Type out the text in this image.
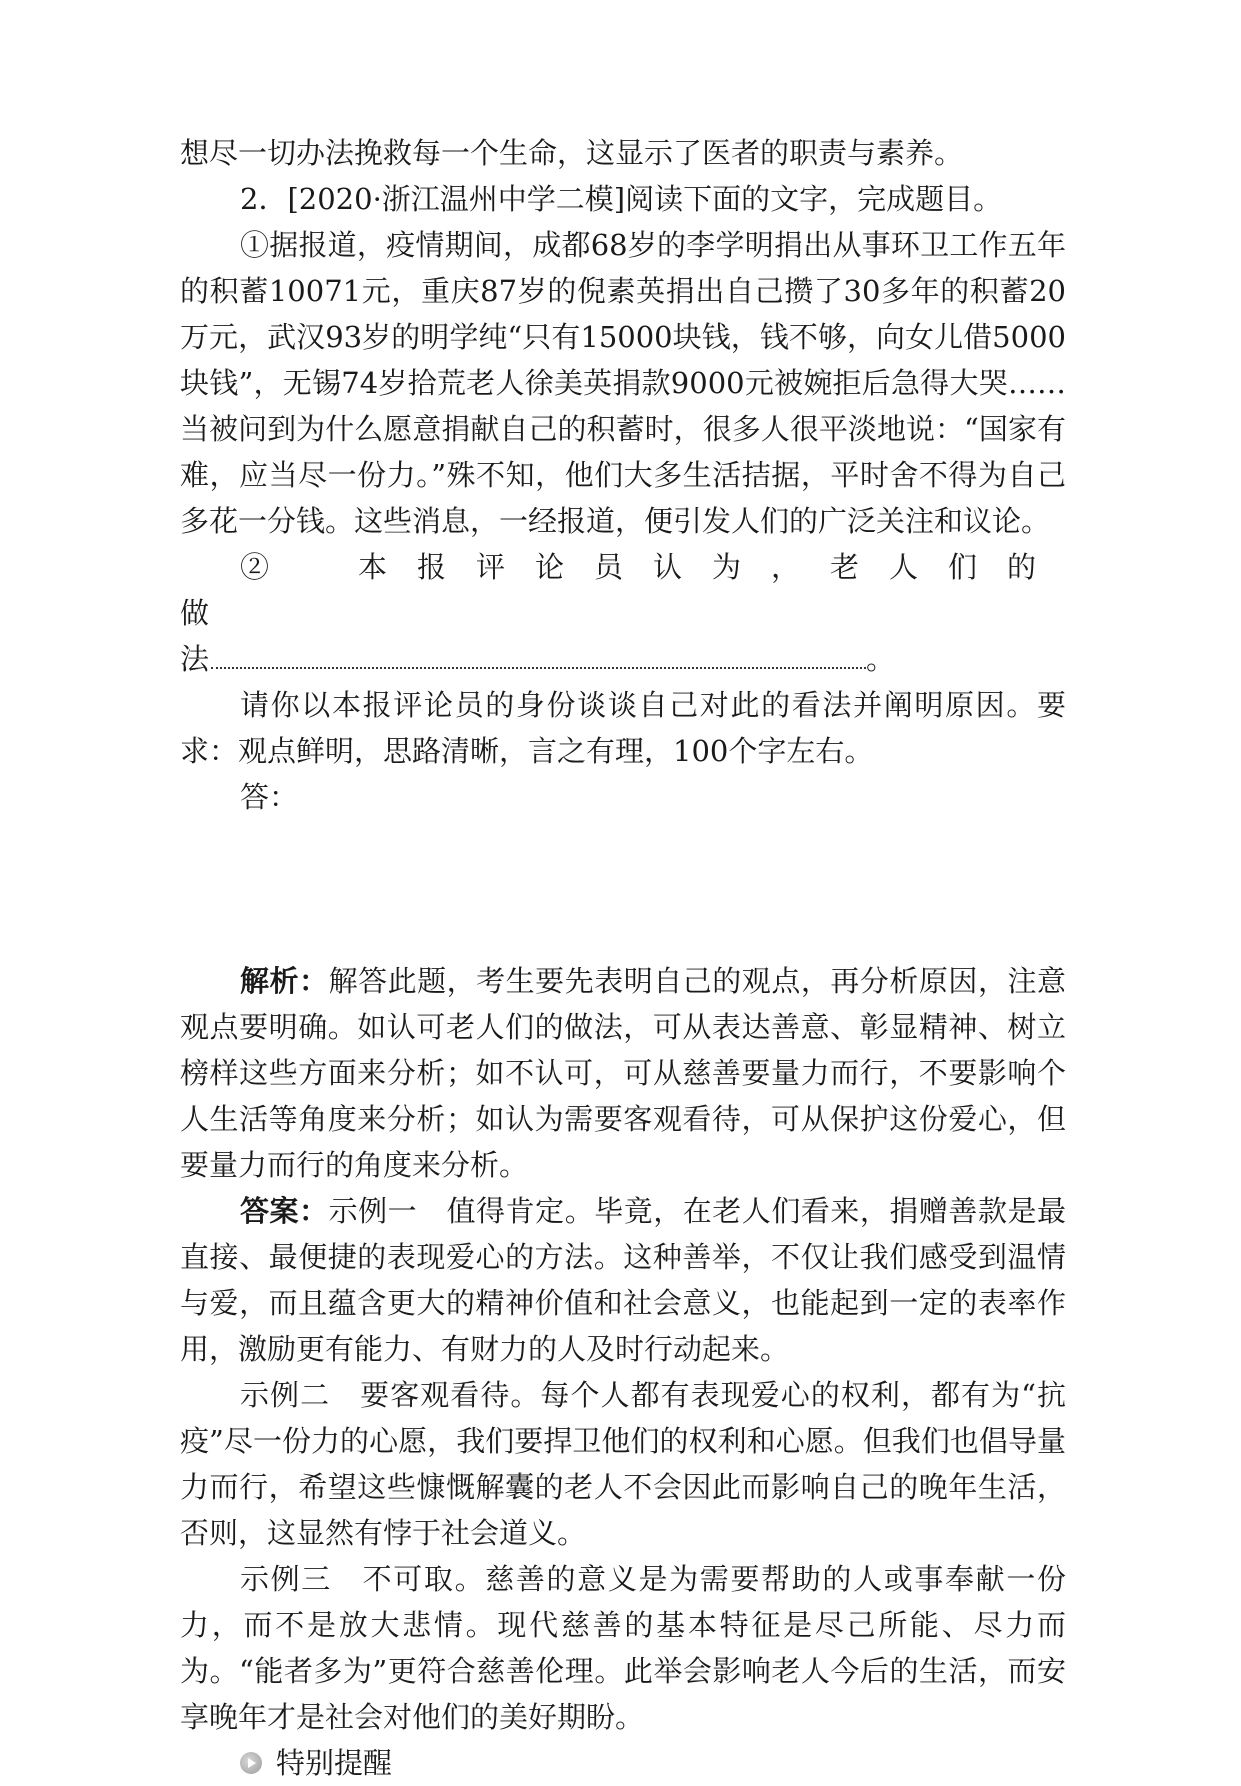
想尽一切办法挽救每一个生命，这显示了医者的职责与素养。

2．[2020·浙江温州中学二模]阅读下面的文字，完成题目。

①据报道，疫情期间，成都68岁的李学明捐出从事环卫工作五年的积蓄10071元，重庆87岁的倪素英捐出自己攒了30多年的积蓄20万元，武汉93岁的明学纯“只有15000块钱，钱不够，向女儿借5000块钱”，无锡74岁拾荒老人徐美英捐款9000元被婉拒后急得大哭……当被问到为什么愿意捐献自己的积蓄时，很多人很平淡地说：“国家有难，应当尽一份力。”殊不知，他们大多生活拮据，平时舍不得为自己多花一分钱。这些消息，一经报道，便引发人们的广泛关注和议论。

②　本报评论员认为，老人们的做

法	。

请你以本报评论员的身份谈谈自己对此的看法并阐明原因。要求：观点鲜明，思路清晰，言之有理，100个字左右。

答：

解析：解答此题，考生要先表明自己的观点，再分析原因，注意观点要明确。如认可老人们的做法，可从表达善意、彰显精神、树立榜样这些方面来分析；如不认可，可从慈善要量力而行，不要影响个人生活等角度来分析；如认为需要客观看待，可从保护这份爱心，但要量力而行的角度来分析。

答案：示例一　值得肯定。毕竟，在老人们看来，捐赠善款是最直接、最便捷的表现爱心的方法。这种善举，不仅让我们感受到温情与爱，而且蕴含更大的精神价值和社会意义，也能起到一定的表率作用，激励更有能力、有财力的人及时行动起来。

示例二　要客观看待。每个人都有表现爱心的权利，都有为“抗疫”尽一份力的心愿，我们要捍卫他们的权利和心愿。但我们也倡导量力而行，希望这些慷慨解囊的老人不会因此而影响自己的晚年生活，否则，这显然有悖于社会道义。

示例三　不可取。慈善的意义是为需要帮助的人或事奉献一份力，而不是放大悲情。现代慈善的基本特征是尽己所能、尽力而为。“能者多为”更符合慈善伦理。此举会影响老人今后的生活，而安享晚年才是社会对他们的美好期盼。

特别提醒
